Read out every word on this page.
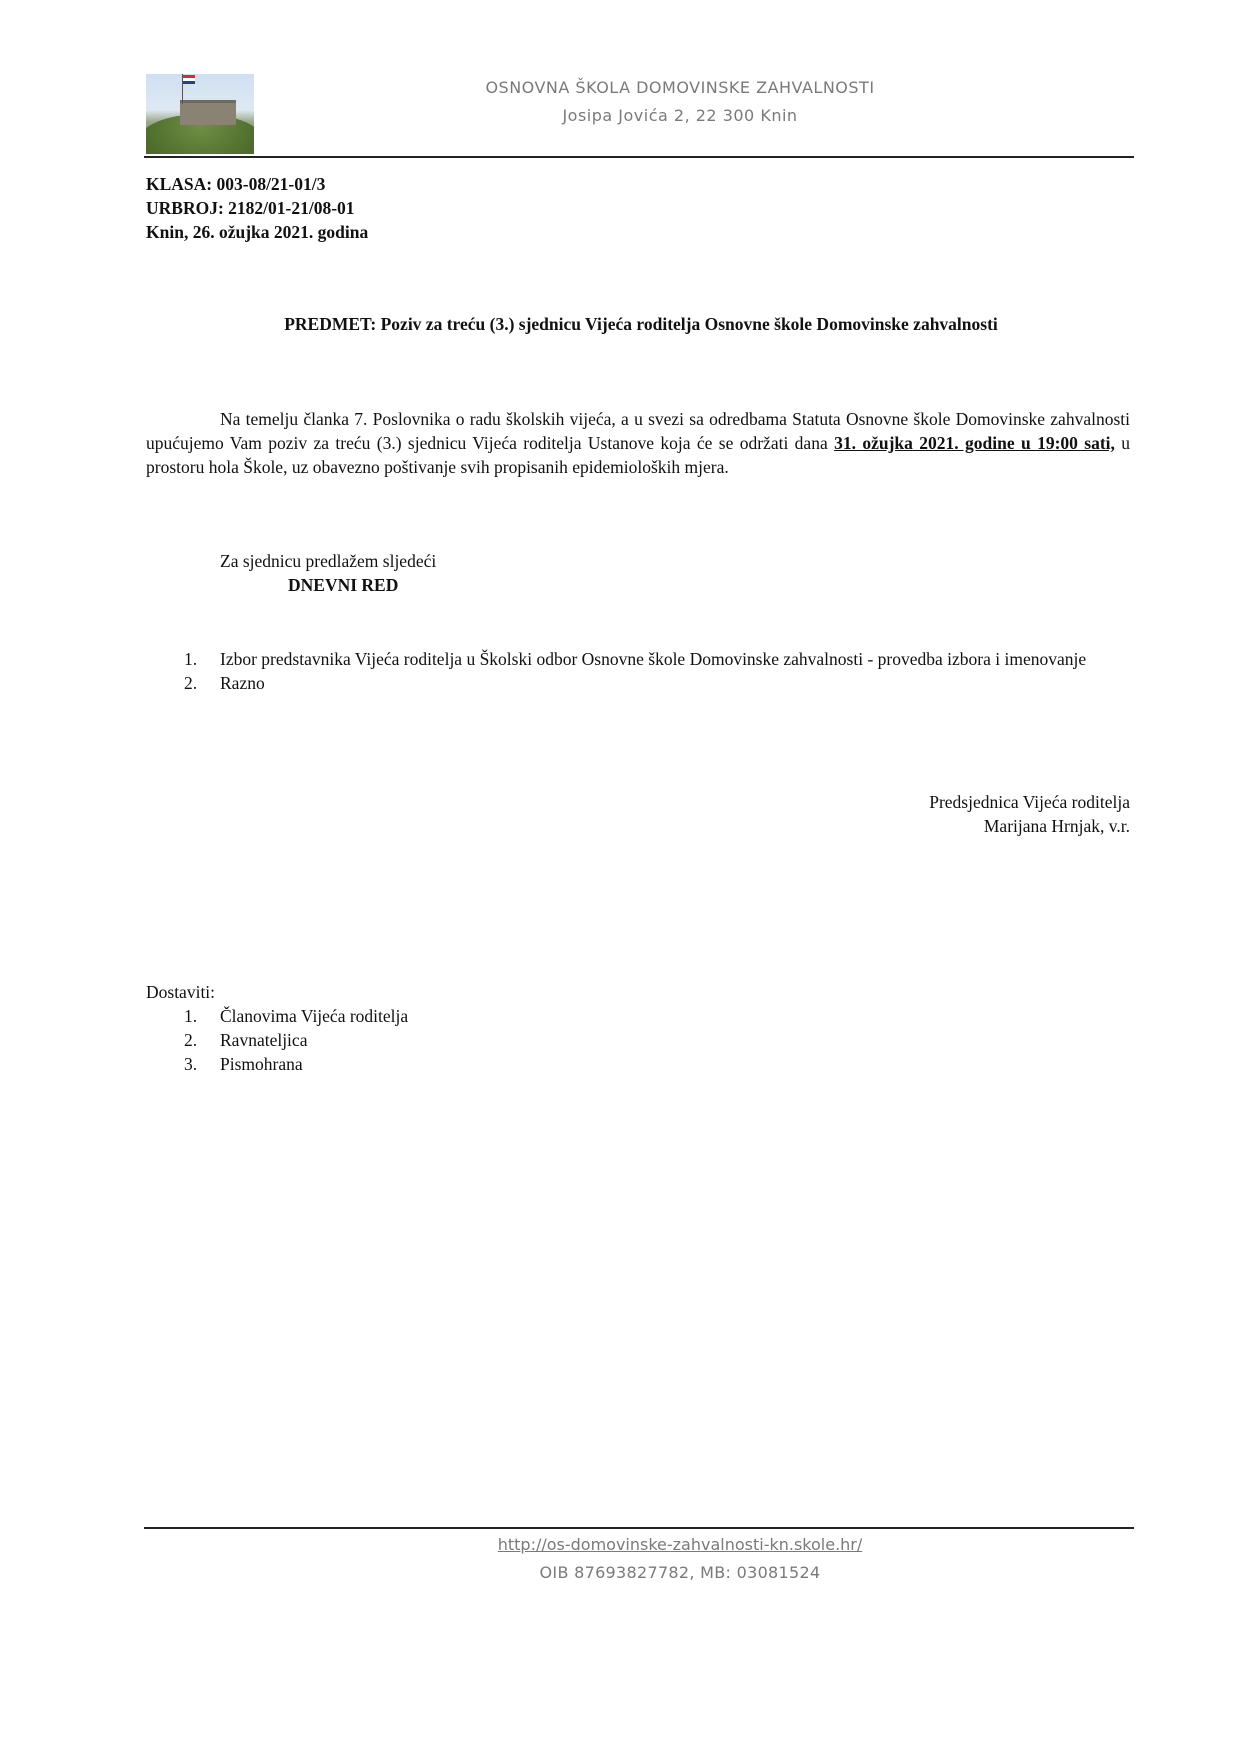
OSNOVNA ŠKOLA DOMOVINSKE ZAHVALNOSTI
Josipa Jovića 2, 22 300 Knin
KLASA: 003-08/21-01/3
URBROJ: 2182/01-21/08-01
Knin, 26. ožujka 2021. godina
PREDMET: Poziv za treću (3.) sjednicu Vijeća roditelja Osnovne škole Domovinske zahvalnosti
Na temelju članka 7. Poslovnika o radu školskih vijeća, a u svezi sa odredbama Statuta Osnovne škole Domovinske zahvalnosti upućujemo Vam poziv za treću (3.) sjednicu Vijeća roditelja Ustanove koja će se održati dana 31. ožujka 2021. godine u 19:00 sati, u prostoru hola Škole, uz obavezno poštivanje svih propisanih epidemioloških mjera.
Za sjednicu predlažem sljedeći
DNEVNI RED
1.	Izbor predstavnika Vijeća roditelja u Školski odbor Osnovne škole Domovinske zahvalnosti - provedba izbora i imenovanje
2.	Razno
Predsjednica Vijeća roditelja
Marijana Hrnjak, v.r.
Dostaviti:
1.	Članovima Vijeća roditelja
2.	Ravnateljica
3.	Pismohrana
http://os-domovinske-zahvalnosti-kn.skole.hr/
OIB 87693827782, MB: 03081524
